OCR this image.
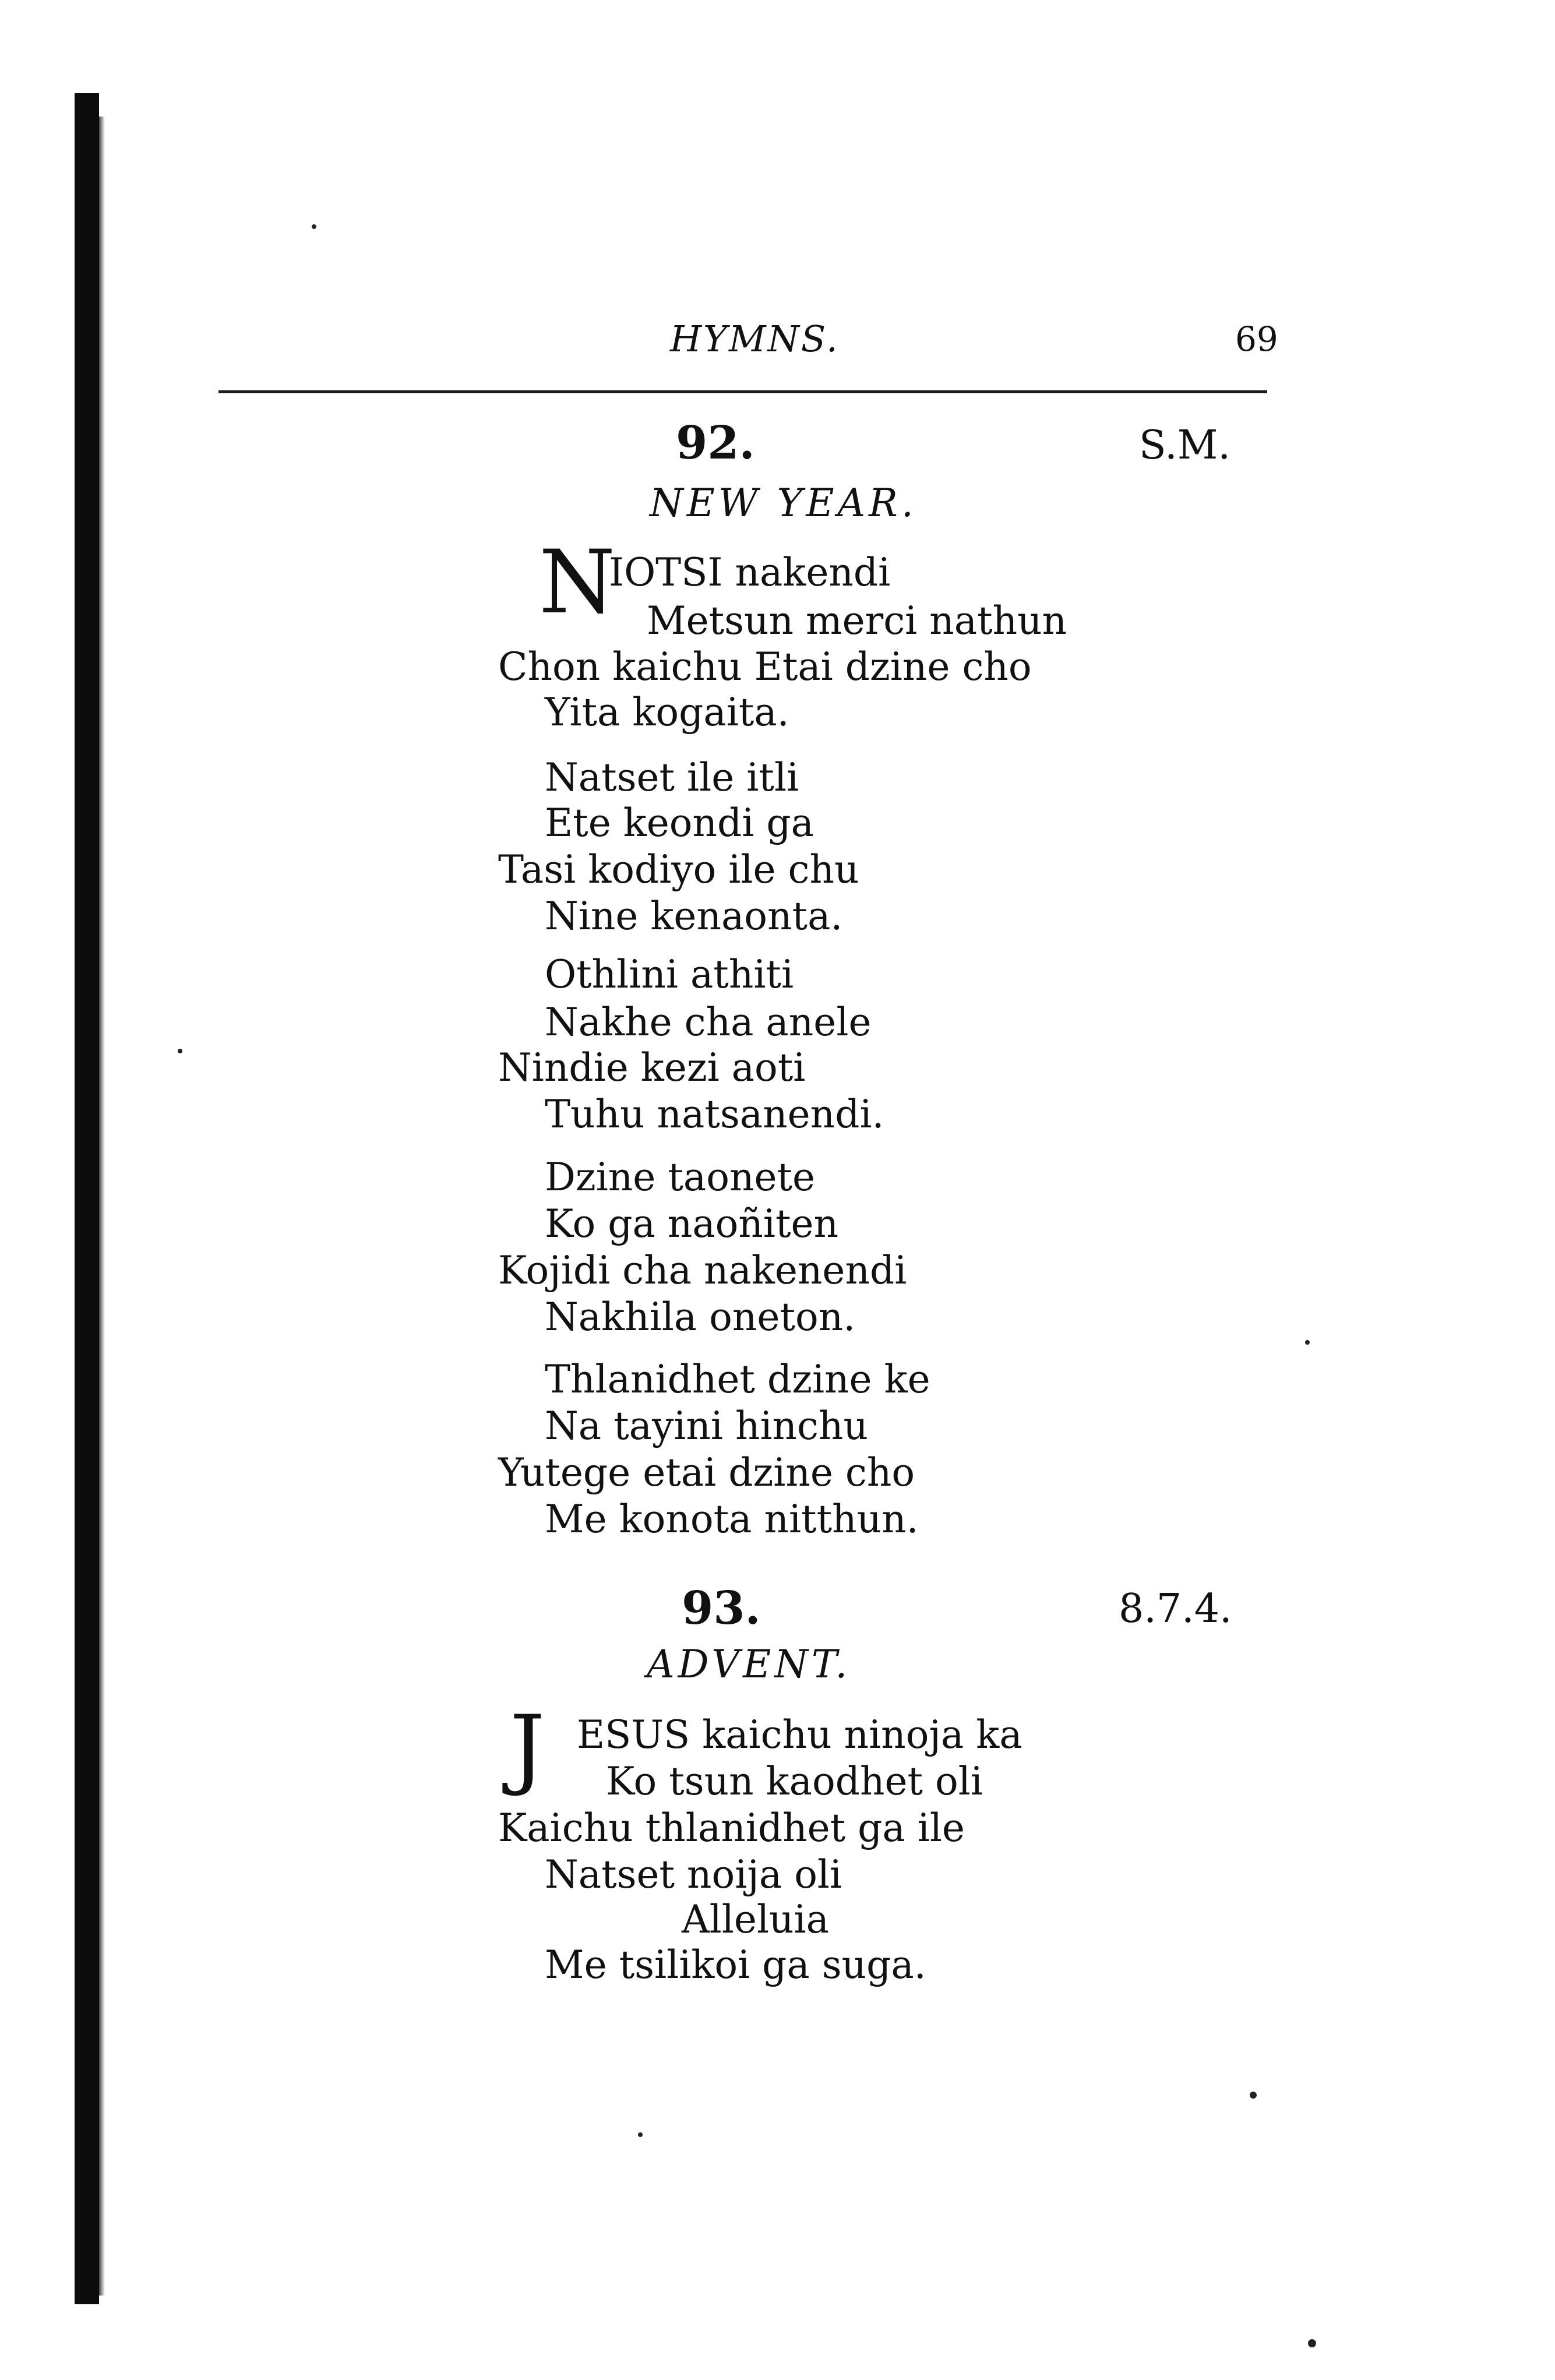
HYMNS.	69
92.	S.M.
NEW YEAR.
N
IOTSI nakendi
Metsun merci nathun
Chon kaichu Etai dzine cho
Yita kogaita.
Natset ile itli
Ete keondi ga
Tasi kodiyo ile chu
Nine kenaonta.
Othlini athiti
Nakhe cha anele
Nindie kezi aoti
Tuhu natsanendi.
Dzine taonete
Ko ga naoñiten
Kojidi cha nakenendi
Nakhila oneton.
Thlanidhet dzine ke
Na tayini hinchu
Yutege etai dzine cho
Me konota nitthun.
93.	8.7.4.
ADVENT.
J ESUS kaichu ninoja ka
Ko tsun kaodhet oli
Kaichu thlanidhet ga ile
Natset noija oli
Alleluia
Me tsilikoi ga suga.
